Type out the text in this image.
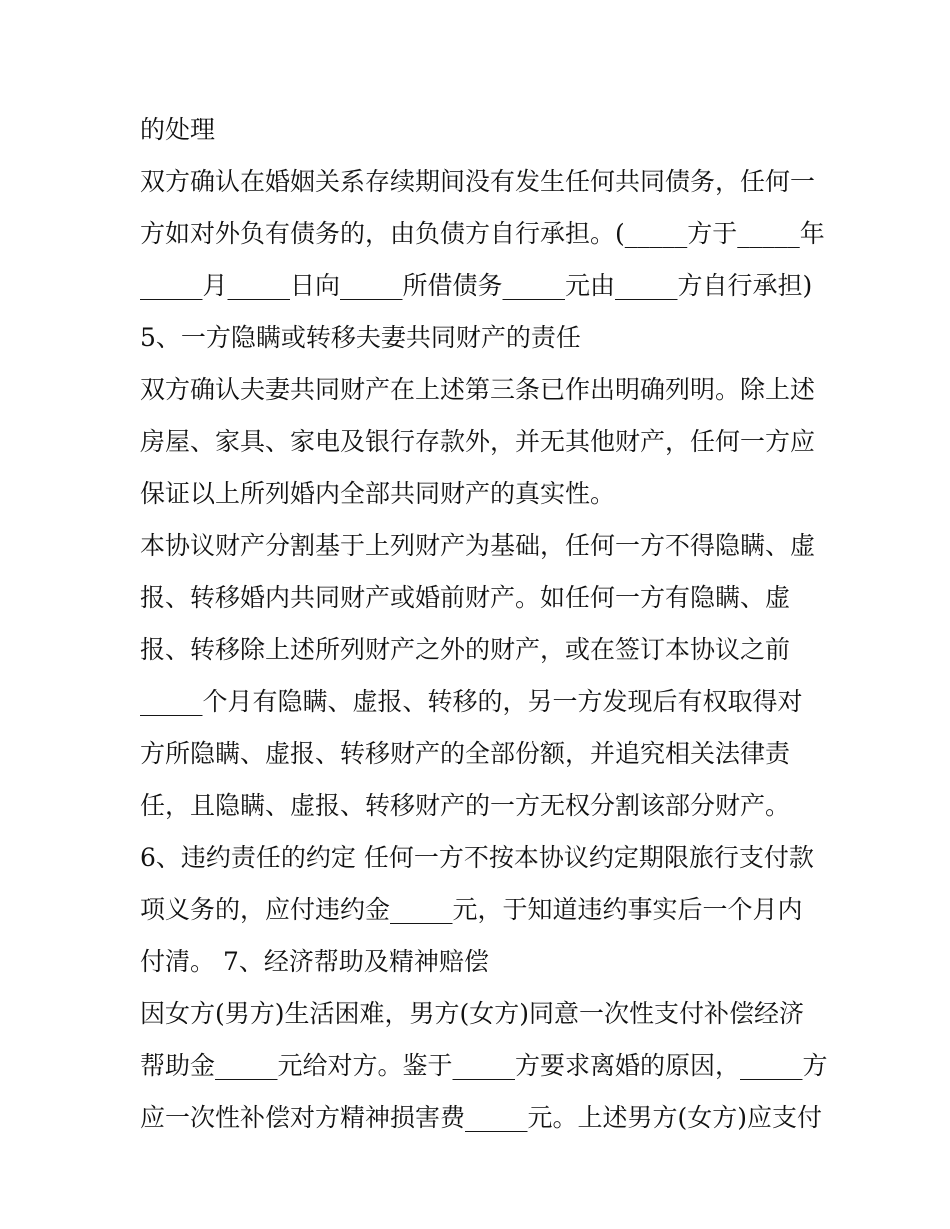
的处理
双方确认在婚姻关系存续期间没有发生任何共同债务，任何一
方如对外负有债务的，由负债方自行承担。(_____方于_____年
_____月_____日向_____所借债务_____元由_____方自行承担)
5、一方隐瞒或转移夫妻共同财产的责任
双方确认夫妻共同财产在上述第三条已作出明确列明。除上述
房屋、家具、家电及银行存款外，并无其他财产，任何一方应
保证以上所列婚内全部共同财产的真实性。
本协议财产分割基于上列财产为基础，任何一方不得隐瞒、虚
报、转移婚内共同财产或婚前财产。如任何一方有隐瞒、虚
报、转移除上述所列财产之外的财产，或在签订本协议之前
_____个月有隐瞒、虚报、转移的，另一方发现后有权取得对
方所隐瞒、虚报、转移财产的全部份额，并追究相关法律责
任，且隐瞒、虚报、转移财产的一方无权分割该部分财产。
6、违约责任的约定 任何一方不按本协议约定期限旅行支付款
项义务的，应付违约金_____元，于知道违约事实后一个月内
付清。 7、经济帮助及精神赔偿
因女方(男方)生活困难，男方(女方)同意一次性支付补偿经济
帮助金_____元给对方。鉴于_____方要求离婚的原因，_____方
应一次性补偿对方精神损害费_____元。上述男方(女方)应支付
